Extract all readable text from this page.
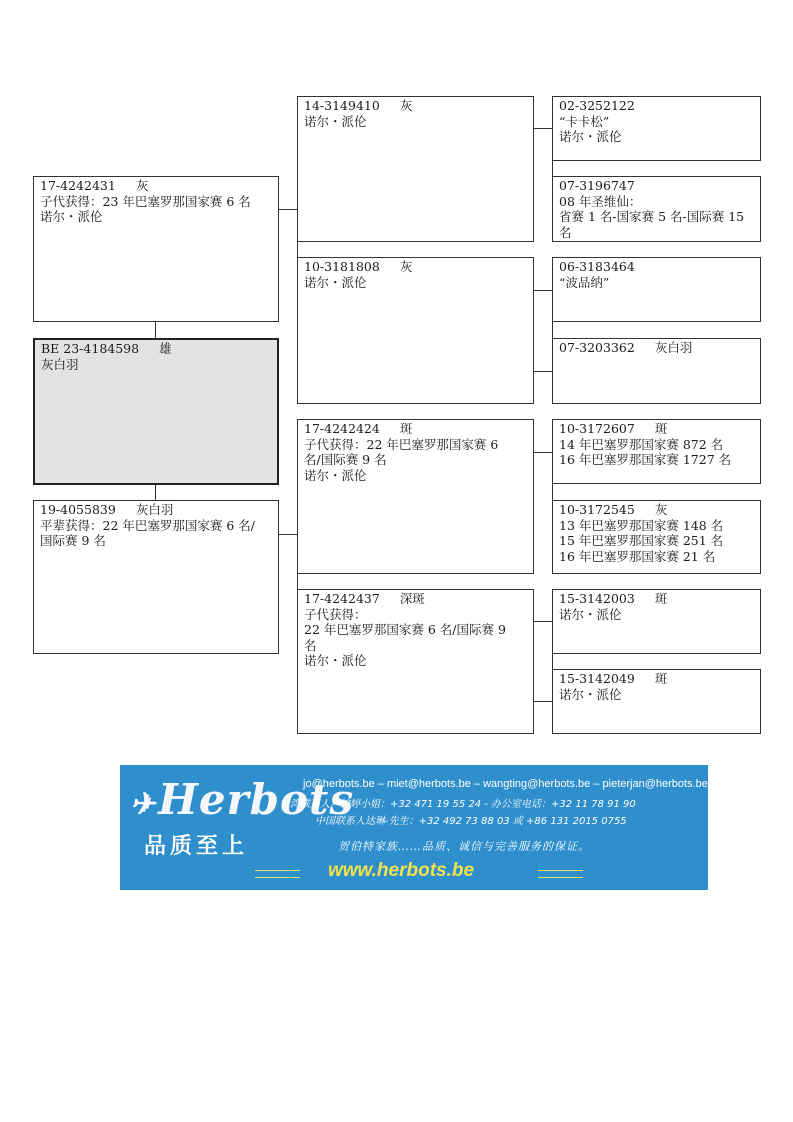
17-4242431 灰
子代获得：23 年巴塞罗那国家赛 6 名
诺尔・派伦
BE 23-4184598 雄
灰白羽
19-4055839 灰白羽
平辈获得：22 年巴塞罗那国家赛 6 名/
国际赛 9 名
14-3149410 灰
诺尔・派伦
10-3181808 灰
诺尔・派伦
17-4242424 斑
子代获得：22 年巴塞罗那国家赛 6
名/国际赛 9 名
诺尔・派伦
17-4242437 深斑
子代获得：
22 年巴塞罗那国家赛 6 名/国际赛 9
名
诺尔・派伦
02-3252122
“卡卡松”
诺尔・派伦
07-3196747
08 年圣维仙：
省赛 1 名-国家赛 5 名-国际赛 15
名
06-3183464
“波品纳”
07-3203362 灰白羽
10-3172607 斑
14 年巴塞罗那国家赛 872 名
16 年巴塞罗那国家赛 1727 名
10-3172545 灰
13 年巴塞罗那国家赛 148 名
15 年巴塞罗那国家赛 251 名
16 年巴塞罗那国家赛 21 名
15-3142003 斑
诺尔・派伦
15-3142049 斑
诺尔・派伦
✈Herbots
品质至上
jo@herbots.be – miet@herbots.be – wangting@herbots.be – pieterjan@herbots.be
台湾联系人卢婉婷小姐：+32 471 19 55 24 - 办公室电话：+32 11 78 91 90
中国联系人达琳-先生：+32 492 73 88 03 或 +86 131 2015 0755
贺伯特家族……品质、诚信与完善服务的保证。
www.herbots.be
